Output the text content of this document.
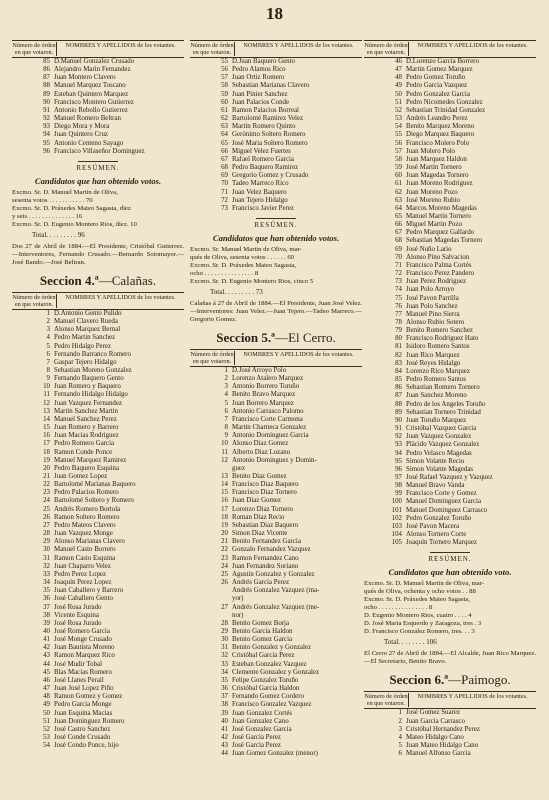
18
Número de órden en que votaron.
NOMBRES Y APELLIDOS de los votantes.
85 D.Manuel Gonzalez Crusado
86 Alejandro Marin Fernandez
87 Juan Montero Clavero
88 Manuel Marquez Toscano
89 Esteban Quintero Marquez
90 Francisco Montero Gutierrez
91 Antonio Rebollo Gutierrez
92 Manuel Romero Beltran
93 Diego Mora y Mora
94 Juan Quintero Cruz
95 Antonio Centeno Sayago
96 Francisco Villaseñor Dominguez
RESÚMEN.
Candidatos que han obtenido votos.
Excmo. Sr. D. Manuel Martin de Oliva,
sesenta votos . . . . . . . . . . . 70
Excmo. Sr. D. Práxedes Mateo Sagasta, diez
y seis . . . . . . . . . . . . . . 16
Excmo. Sr. D. Eugenio Montero Rios, diez. 10
Total. . . . . . . . . 96
Dos 27 de Abril de 1884.—El Presidente, Cristóbal Gutierrez.—Interventores, Fernando Crusado.—Bernardo Sotomayor.—José Bando.—José Beltran.
Seccion 4.ª—Calañas.
Número de órden en que votaron.
NOMBRES Y APELLIDOS de los votantes.
1 D.Antonio Gento Pulido
2 Manuel Clavero Rueda
3 Alonso Marquez Bernal
4 Pedro Martin Sanchez
5 Pedro Hidalgo Perez
6 Fernando Barranco Romero
7 Gaspar Tejero Hidalgo
8 Sebastian Moreno Gonzalez
9 Fernando Baquero Gento
10 Juan Romero y Baquero
11 Fernando Hidalgo Hidalgo
12 Juan Vazquez Fernandez
13 Martin Sanchez Martin
14 Manuel Sanchez Perez
15 Juan Romero y Barrero
16 Juan Macias Rodriguez
17 Pedro Romero Garcia
18 Ramon Conde Ponce
19 Manuel Marquez Ramirez
20 Pedro Baquero Esquina
21 Juan Gomez Lopez
22 Bartolomé Marianas Baquero
23 Pedro Palacios Romero
24 Bartolomé Soltero y Romero
25 Andrés Romero Bortola
26 Ramon Soltero Romero
27 Pedro Mateos Clavero
28 Juan Vazquez Monge
29 Alonso Marianas Clavero
30 Manuel Casto Borrero
31 Ramon Casto Esquina
32 Juan Chaparro Velez
33 Pedro Perez Lopez
34 Joaquin Perez Lopez
35 Juan Caballero y Barrero
36 José Caballero Gento
37 José Rosa Jurado
38 Vicente Esquina
39 José Rosa Jurado
40 José Romero Garcia
41 José Monge Crusado
42 Juan Bautista Moreno
43 Ramon Marquez Rico
44 José Mudir Tobal
45 Blas Macias Romero
46 José Llanes Perail
47 Juan José Lopez Piño
48 Ramon Gomez y Gomez
49 Pedro Garcia Monge
50 Juan Esquina Macias
51 Juan Dominguez Romero
52 José Castro Sanchez
53 José Conde Crusado
54 José Condo Ponce, hijo
Número de órden en que votaron.
NOMBRES Y APELLIDOS de los votantes.
55 D.Juan Baquero Gento
56 Pedro Alamos Rico
57 Juan Ortiz Romero
58 Sebastian Marianas Clavero
59 Juan Pinier Sanchez
60 Juan Palacios Conde
61 Ramon Palacios Borreal
62 Bartolomé Ramirez Velez
63 Martin Romero Quinto
64 Gerónimo Soltero Romero
65 José Maria Soltero Romero
66 Miguel Velez Fuertes
67 Rafael Romero Garcia
68 Pedro Baquero Ramirez
69 Gregorio Gomez y Crusado
70 Tadeo Marreco Rico
71 Juan Velez Baquero
72 Juan Tejero Hidalgo
73 Francisco Javier Perez
RESÚMEN.
Candidatos que han obtenido votos.
Excmo. Sr. Manuel Martin de Oliva, mar-
qués de Oliva, sesenta votos . . . . . . 60
Excmo. Sr. D. Práxedes Mateo Sagasta,
ocho . . . . . . . . . . . . . . . 8
Excmo. Sr. D. Eugenio Montero Rios, cinco 5
Total. . . . . . . . . 73
Calañas á 27 de Abril de 1884.—El Presidente, Juan José Velez.—Interventores: Juan Velez.—Juan Tejero.—Tadeo Marreco.—Gregorio Gomez.
Seccion 5.ª—El Cerro.
Número de órden en que votaron.
NOMBRES Y APELLIDOS de los votantes.
1 D.José Arroyo Polo
2 Lorenzo Atalero Marquez
3 Antonio Borrero Toruño
4 Benito Bravo Marquez
5 Juan Borrero Marquez
6 Antonio Carrasco Palomo
7 Francisco Corte Carmona
8 Martin Charneca Gonzalez
9 Antonio Dominguez Garcia
10 Alonso Diaz Gomez
11 Alberto Diaz Lozano
12 Antonio Dominguez y Domin-
guez
13 Benito Diaz Gomez
14 Francisco Diaz Baquero
15 Francisco Diaz Tornero
16 Juan Diaz Gomez
17 Lorenzo Diaz Tornero
18 Roman Diaz Recio
19 Sebastian Diaz Baquero
20 Simon Diaz Vicente
21 Benito Fernandez Garcia
22 Gonzalo Fernandez Vazquez
23 Ramon Fernandez Cano
24 Juan Fernandez Soriano
25 Agustin Gonzalez y Gonzalez
26 Andrés Garcia Perez
Andrés Gonzalez Vazquez (ma-
yor)
27 Andrés Gonzalez Vazquez (me-
nor)
28 Benito Gomez Borja
29 Benito Garcia Haldon
30 Benito Gomez Garcia
31 Benito Gonzalez y Gonzalez
32 Cristóbal Garcia Perez
33 Esteban Gonzalez Vazquez
34 Clemente Gonzalez y Gonzalez
35 Felipe Gonzalez Toruño
36 Cristóbal Garcia Haldon
37 Fernando Gomez Cordero
38 Francisco Gonzalez Vazquez
39 Juan Gonzalez Cortés
40 Juan Gonzalez Cano
41 José Gonzalez Garcia
42 José Garcia Perez
43 José Garcia Perez
44 Juan Gomez Gonzalez (menor)
Número de órden en que votaron.
NOMBRES Y APELLIDOS de los votantes.
46 D.Lorenzo Garcia Borrero
47 Martin Gomez Marquez
48 Pedro Gomez Toruño
49 Pedro Garcia Vazquez
50 Pedro Gonzalez Garcia
51 Pedro Nicomedes Gonzalez
52 Sebastian Trinidad Gonzalez
53 Andrés Leandro Perez
54 Benito Marquez Moreno
55 Diego Marquez Baquero
56 Francisco Molero Polo
57 Juan Molero Polo
58 Juan Marquez Haldon
59 José Martin Tornero
60 Juan Magedas Tornero
61 Juan Moreno Rodriguez
62 Juan Moreno Pozo
63 José Moreno Rubio
64 Marcos Moreno Magedas
65 Manuel Martin Tornero
66 Miguel Martin Pozo
67 Pedro Marquez Gallardo
68 Sebastian Magedas Tornero
69 José Nuño Lario
70 Alonso Pino Salvacion
71 Francisco Palma Cortés
72 Francisco Perez Pandero
73 Juan Perez Rodriguez
74 Juan Polo Arroyo
75 José Pavon Parrilla
76 Juan Polo Sanchez
77 Manuel Pino Sierra
78 Alonso Rubio Sotero
79 Benito Romero Sanchez
80 Francisco Rodriguez Hato
81 Isidoro Romero Santos
82 Juan Rico Marquez
83 José Reyes Hidalgo
84 Lorenzo Rico Marquez
85 Pedro Romero Santos
86 Sebastian Romero Tornero
87 Juan Sanchez Moreno
88 Pedro de los Angeles Toruño
89 Sebastian Tornero Trinidad
90 Juan Toruño Marquez
91 Cristóbal Vazquez Garcia
92 Juan Vazquez Gonzalez
93 Plácido Vazquez Gonzalez
94 Pedro Velasco Magedas
95 Simon Volante Recio
96 Simon Volante Magedas
97 José Rafael Vazquez y Vazquez
98 Manuel Bravo Vanda
99 Francisco Corte y Gomez
100 Manuel Dominguez Garcia
101 Manuel Dominguez Carrasco
102 Pedro Gonzalez Toruño
103 José Pavon Macera
104 Alonso Tornero Corte
105 Joaquin Tornero Marquez
RESÚMEN.
Candidatos que han obtenido voto.
Excmo. Sr. D. Manuel Martin de Oliva, mar-
qués de Oliva, ochenta y ocho votos . . 88
Excmo. Sr. D. Práxedes Mateo Sagasta,
ocho . . . . . . . . . . . . . . . 8
D. Eugenio Montero Rios, cuatro . . . . 4
D. José Maria Esquerdo y Zaragoza, tres . 3
D. Francisco Gonzalez Romero, tres. . . 3
Total. . . . . . . . 106
El Cerro 27 de Abril de 1884.—El Alcalde, Juan Rico Marquez.—El Secretario, Benito Bravo.
Seccion 6.ª—Paimogo.
Número de órden en que votaron.
NOMBRES Y APELLIDOS de los votantes.
1 José Gomez Suarez
2 Juan Garcia Carrasco
3 Cristóbal Hernandez Perez
4 Mateo Hidalgo Cano
5 Juan Mateo Hidalgo Cano
6 Manuel Alfonso Garcia
